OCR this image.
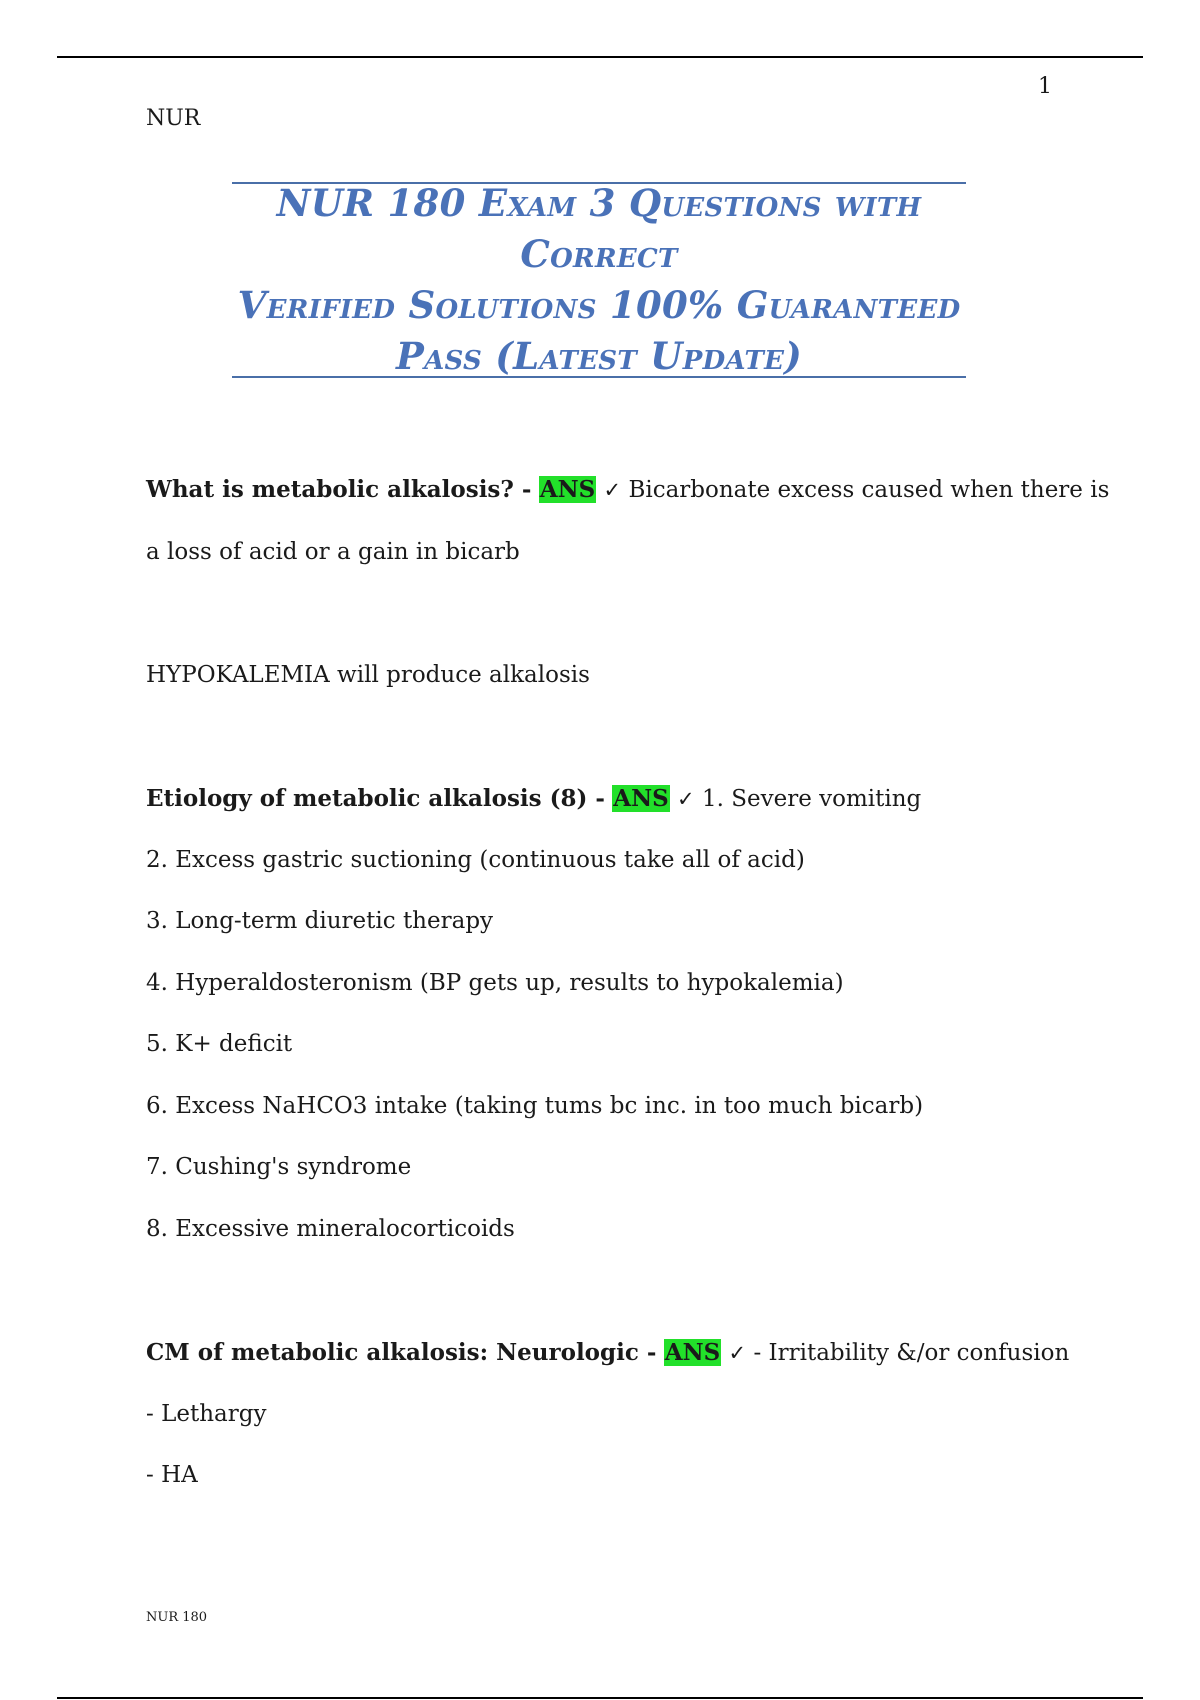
1
NUR
NUR 180 Exam 3 Questions with Correct
Verified Solutions 100% Guaranteed
Pass (Latest Update)
What is metabolic alkalosis? - ANS ✓ Bicarbonate excess caused when there is
a loss of acid or a gain in bicarb
HYPOKALEMIA will produce alkalosis
Etiology of metabolic alkalosis (8) - ANS ✓ 1. Severe vomiting
2. Excess gastric suctioning (continuous take all of acid)
3. Long-term diuretic therapy
4. Hyperaldosteronism (BP gets up, results to hypokalemia)
5. K+ deficit
6. Excess NaHCO3 intake (taking tums bc inc. in too much bicarb)
7. Cushing's syndrome
8. Excessive mineralocorticoids
CM of metabolic alkalosis: Neurologic - ANS ✓ - Irritability &/or confusion
- Lethargy
- HA
NUR 180
